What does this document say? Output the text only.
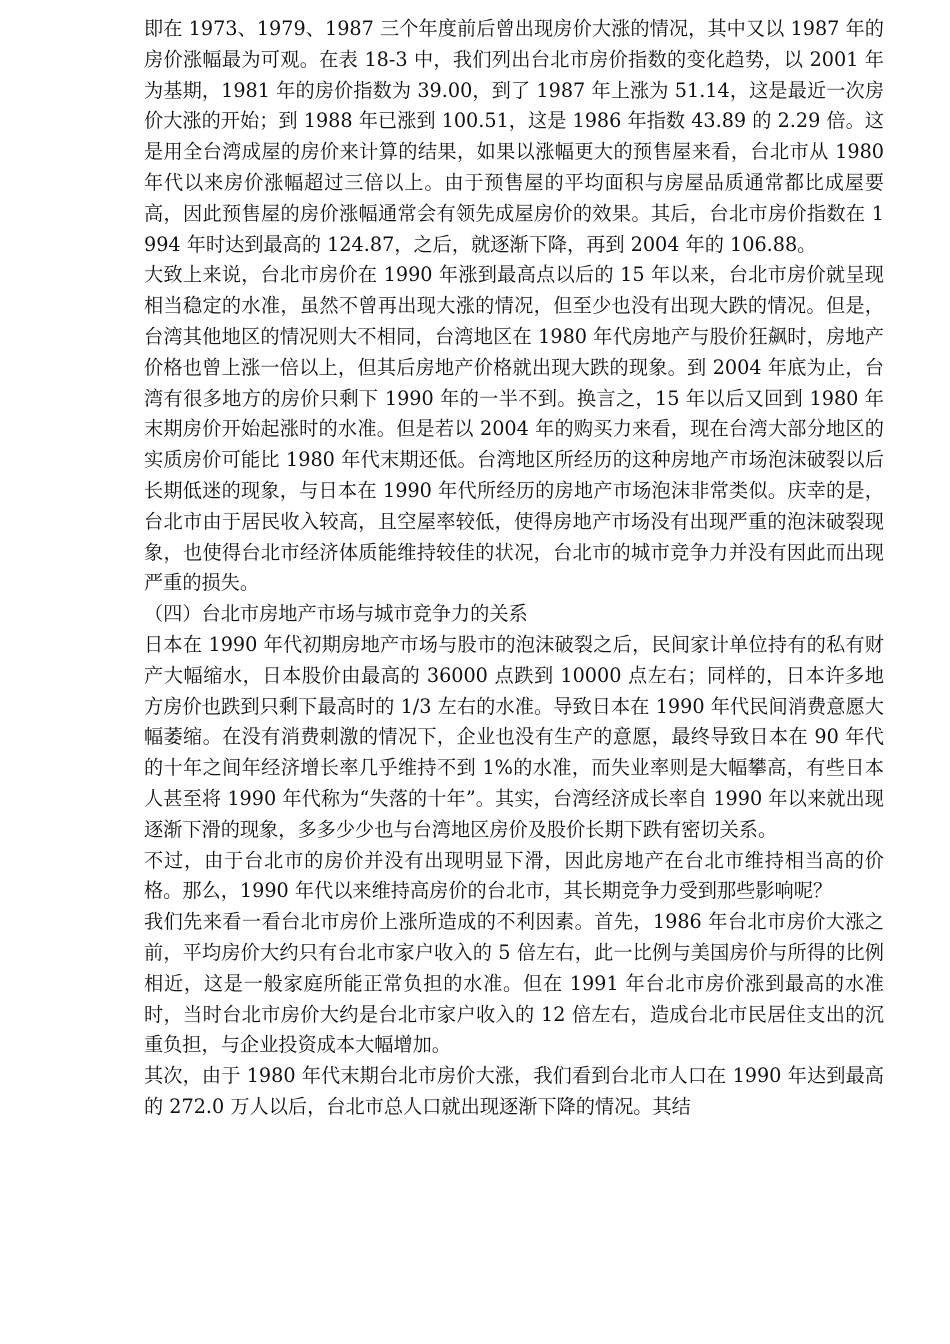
即在 1973、1979、1987 三个年度前后曾出现房价大涨的情况，其中又以 1987 年的房价涨幅最为可观。在表 18-3 中，我们列出台北市房价指数的变化趋势，以 2001 年为基期，1981 年的房价指数为 39.00，到了 1987 年上涨为 51.14，这是最近一次房价大涨的开始；到 1988 年已涨到 100.51，这是 1986 年指数 43.89 的 2.29 倍。这是用全台湾成屋的房价来计算的结果，如果以涨幅更大的预售屋来看，台北市从 1980 年代以来房价涨幅超过三倍以上。由于预售屋的平均面积与房屋品质通常都比成屋要高，因此预售屋的房价涨幅通常会有领先成屋房价的效果。其后，台北市房价指数在 1994 年时达到最高的 124.87，之后，就逐渐下降，再到 2004 年的 106.88。

大致上来说，台北市房价在 1990 年涨到最高点以后的 15 年以来，台北市房价就呈现相当稳定的水准，虽然不曾再出现大涨的情况，但至少也没有出现大跌的情况。但是，台湾其他地区的情况则大不相同，台湾地区在 1980 年代房地产与股价狂飙时，房地产价格也曾上涨一倍以上，但其后房地产价格就出现大跌的现象。到 2004 年底为止，台湾有很多地方的房价只剩下 1990 年的一半不到。换言之，15 年以后又回到 1980 年末期房价开始起涨时的水准。但是若以 2004 年的购买力来看，现在台湾大部分地区的实质房价可能比 1980 年代末期还低。台湾地区所经历的这种房地产市场泡沫破裂以后长期低迷的现象，与日本在 1990 年代所经历的房地产市场泡沫非常类似。庆幸的是，台北市由于居民收入较高，且空屋率较低，使得房地产市场没有出现严重的泡沫破裂现象，也使得台北市经济体质能维持较佳的状况，台北市的城市竞争力并没有因此而出现严重的损失。

（四）台北市房地产市场与城市竞争力的关系

日本在 1990 年代初期房地产市场与股市的泡沫破裂之后，民间家计单位持有的私有财产大幅缩水，日本股价由最高的 36000 点跌到 10000 点左右；同样的，日本许多地方房价也跌到只剩下最高时的 1/3 左右的水准。导致日本在 1990 年代民间消费意愿大幅萎缩。在没有消费刺激的情况下，企业也没有生产的意愿，最终导致日本在 90 年代的十年之间年经济增长率几乎维持不到 1%的水准，而失业率则是大幅攀高，有些日本人甚至将 1990 年代称为“失落的十年”。其实，台湾经济成长率自 1990 年以来就出现逐渐下滑的现象，多多少少也与台湾地区房价及股价长期下跌有密切关系。

不过，由于台北市的房价并没有出现明显下滑，因此房地产在台北市维持相当高的价格。那么，1990 年代以来维持高房价的台北市，其长期竞争力受到那些影响呢？

我们先来看一看台北市房价上涨所造成的不利因素。首先，1986 年台北市房价大涨之前，平均房价大约只有台北市家户收入的 5 倍左右，此一比例与美国房价与所得的比例相近，这是一般家庭所能正常负担的水准。但在 1991 年台北市房价涨到最高的水准时，当时台北市房价大约是台北市家户收入的 12 倍左右，造成台北市民居住支出的沉重负担，与企业投资成本大幅增加。

其次，由于 1980 年代末期台北市房价大涨，我们看到台北市人口在 1990 年达到最高的 272.0 万人以后，台北市总人口就出现逐渐下降的情况。其结
